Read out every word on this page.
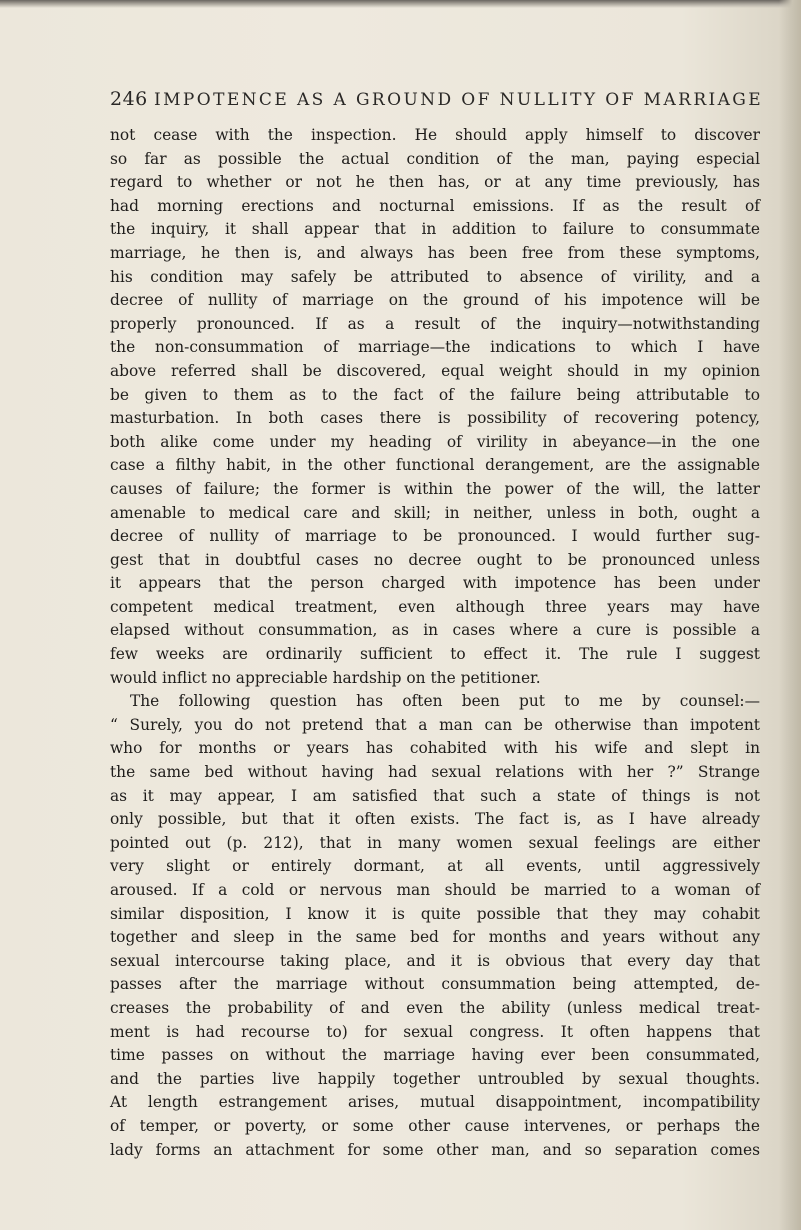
246 IMPOTENCE AS A GROUND OF NULLITY OF MARRIAGE
not cease with the inspection. He should apply himself to discover
so far as possible the actual condition of the man, paying especial
regard to whether or not he then has, or at any time previously, has
had morning erections and nocturnal emissions. If as the result of
the inquiry, it shall appear that in addition to failure to consummate
marriage, he then is, and always has been free from these symptoms,
his condition may safely be attributed to absence of virility, and a
decree of nullity of marriage on the ground of his impotence will be
properly pronounced. If as a result of the inquiry—notwithstanding
the non-consummation of marriage—the indications to which I have
above referred shall be discovered, equal weight should in my opinion
be given to them as to the fact of the failure being attributable to
masturbation. In both cases there is possibility of recovering potency,
both alike come under my heading of virility in abeyance—in the one
case a filthy habit, in the other functional derangement, are the assignable
causes of failure; the former is within the power of the will, the latter
amenable to medical care and skill; in neither, unless in both, ought a
decree of nullity of marriage to be pronounced. I would further sug-
gest that in doubtful cases no decree ought to be pronounced unless
it appears that the person charged with impotence has been under
competent medical treatment, even although three years may have
elapsed without consummation, as in cases where a cure is possible a
few weeks are ordinarily sufficient to effect it. The rule I suggest
would inflict no appreciable hardship on the petitioner.
The following question has often been put to me by counsel:—
“ Surely, you do not pretend that a man can be otherwise than impotent
who for months or years has cohabited with his wife and slept in
the same bed without having had sexual relations with her ?” Strange
as it may appear, I am satisfied that such a state of things is not
only possible, but that it often exists. The fact is, as I have already
pointed out (p. 212), that in many women sexual feelings are either
very slight or entirely dormant, at all events, until aggressively
aroused. If a cold or nervous man should be married to a woman of
similar disposition, I know it is quite possible that they may cohabit
together and sleep in the same bed for months and years without any
sexual intercourse taking place, and it is obvious that every day that
passes after the marriage without consummation being attempted, de-
creases the probability of and even the ability (unless medical treat-
ment is had recourse to) for sexual congress. It often happens that
time passes on without the marriage having ever been consummated,
and the parties live happily together untroubled by sexual thoughts.
At length estrangement arises, mutual disappointment, incompatibility
of temper, or poverty, or some other cause intervenes, or perhaps the
lady forms an attachment for some other man, and so separation comes
